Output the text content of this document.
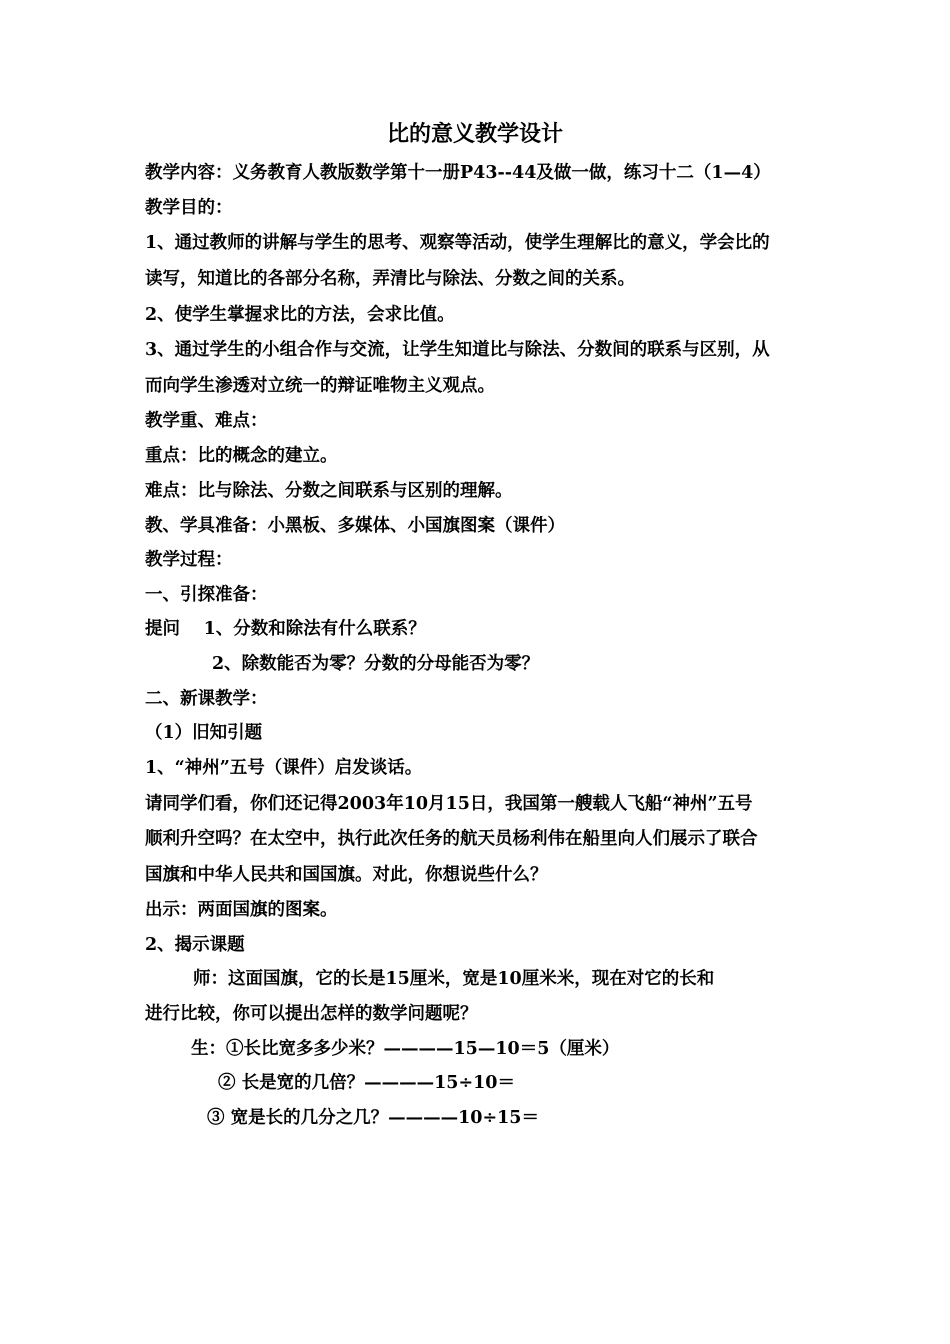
比的意义教学设计
教学内容：义务教育人教版数学第十一册P43--44及做一做，练习十二（1—4）
教学目的：
1、通过教师的讲解与学生的思考、观察等活动，使学生理解比的意义，学会比的
读写，知道比的各部分名称，弄清比与除法、分数之间的关系。
2、使学生掌握求比的方法，会求比值。
3、通过学生的小组合作与交流，让学生知道比与除法、分数间的联系与区别，从
而向学生渗透对立统一的辩证唯物主义观点。
教学重、难点：
重点：比的概念的建立。
难点：比与除法、分数之间联系与区别的理解。
教、学具准备：小黑板、多媒体、小国旗图案（课件）
教学过程：
一、引探准备：
提问　 1、分数和除法有什么联系？
2、除数能否为零？分数的分母能否为零？
二、新课教学：
（1）旧知引题
1、“神州”五号（课件）启发谈话。
请同学们看，你们还记得2003年10月15日，我国第一艘载人飞船“神州”五号
顺利升空吗？在太空中，执行此次任务的航天员杨利伟在船里向人们展示了联合
国旗和中华人民共和国国旗。对此，你想说些什么？
出示：两面国旗的图案。
2、揭示课题
师：这面国旗，它的长是15厘米，宽是10厘米米，现在对它的长和
进行比较，你可以提出怎样的数学问题呢？
生：①长比宽多多少米？————15—10＝5（厘米）
② 长是宽的几倍？————15÷10＝
③ 宽是长的几分之几？————10÷15＝
